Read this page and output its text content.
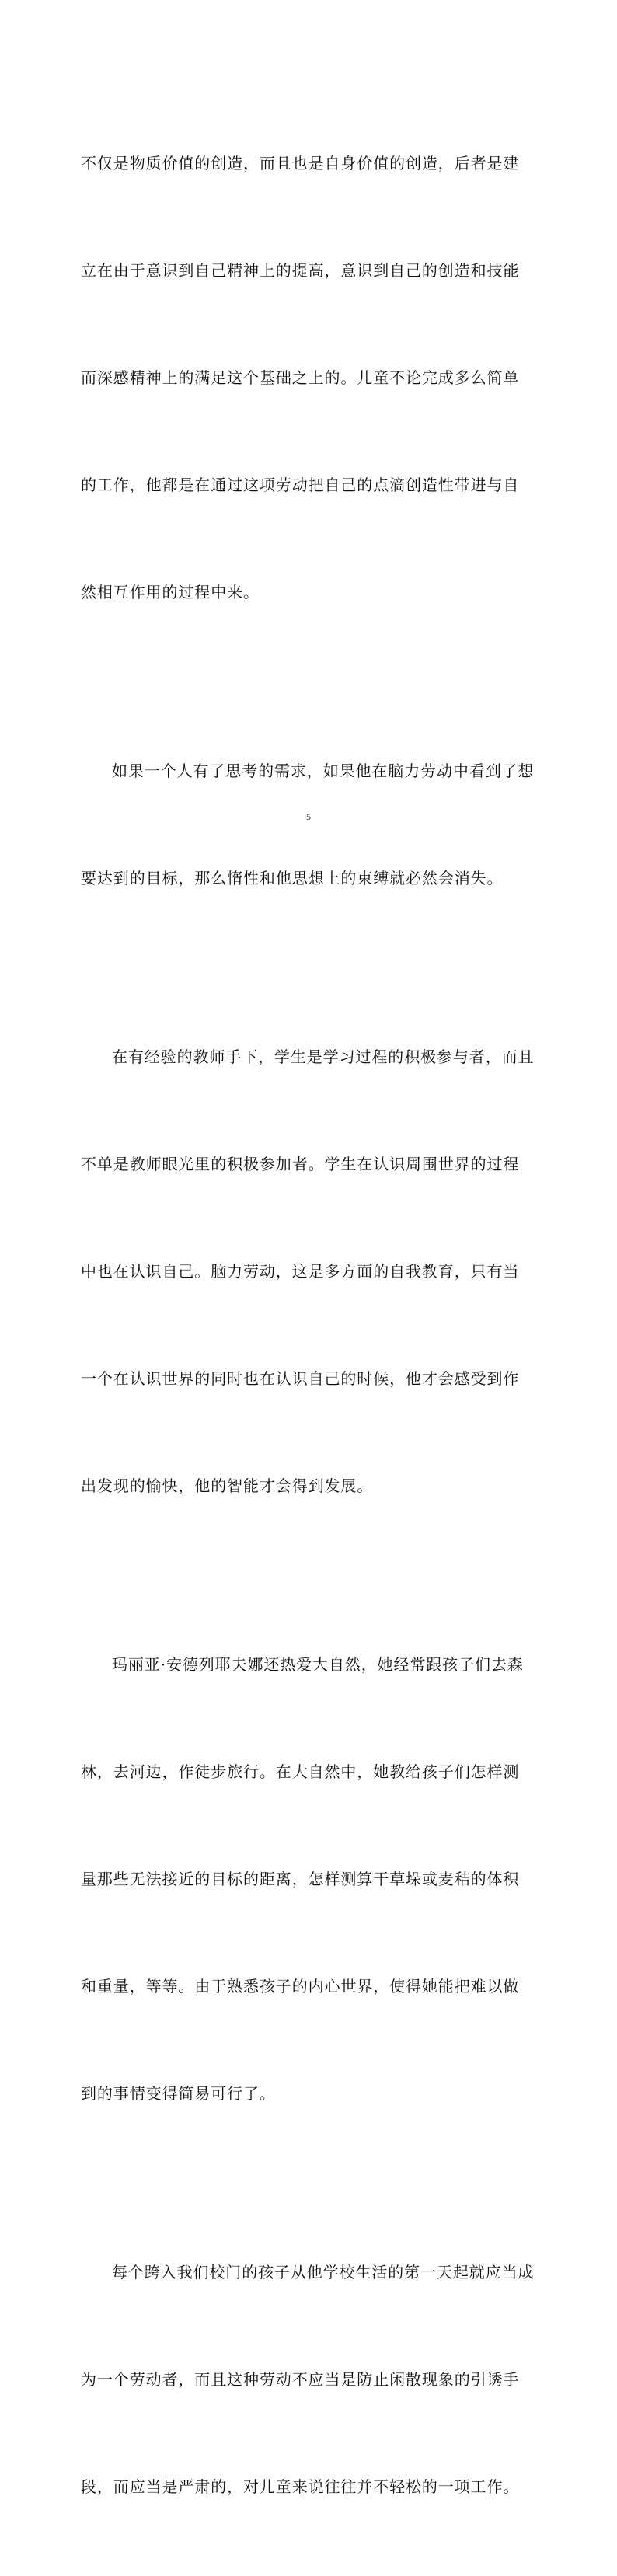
不仅是物质价值的创造，而且也是自身价值的创造，后者是建

立在由于意识到自己精神上的提高，意识到自己的创造和技能

而深感精神上的满足这个基础之上的。儿童不论完成多么简单

的工作，他都是在通过这项劳动把自己的点滴创造性带进与自

然相互作用的过程中来。

如果一个人有了思考的需求，如果他在脑力劳动中看到了想

要达到的目标，那么惰性和他思想上的束缚就必然会消失。

在有经验的教师手下，学生是学习过程的积极参与者，而且

不单是教师眼光里的积极参加者。学生在认识周围世界的过程

中也在认识自己。脑力劳动，这是多方面的自我教育，只有当

一个在认识世界的同时也在认识自己的时候，他才会感受到作

出发现的愉快，他的智能才会得到发展。

玛丽亚·安德列耶夫娜还热爱大自然，她经常跟孩子们去森

林，去河边，作徒步旅行。在大自然中，她教给孩子们怎样测

量那些无法接近的目标的距离，怎样测算干草垛或麦秸的体积

和重量，等等。由于熟悉孩子的内心世界，使得她能把难以做

到的事情变得简易可行了。

每个跨入我们校门的孩子从他学校生活的第一天起就应当成

为一个劳动者，而且这种劳动不应当是防止闲散现象的引诱手

段，而应当是严肃的，对儿童来说往往并不轻松的一项工作。

5
